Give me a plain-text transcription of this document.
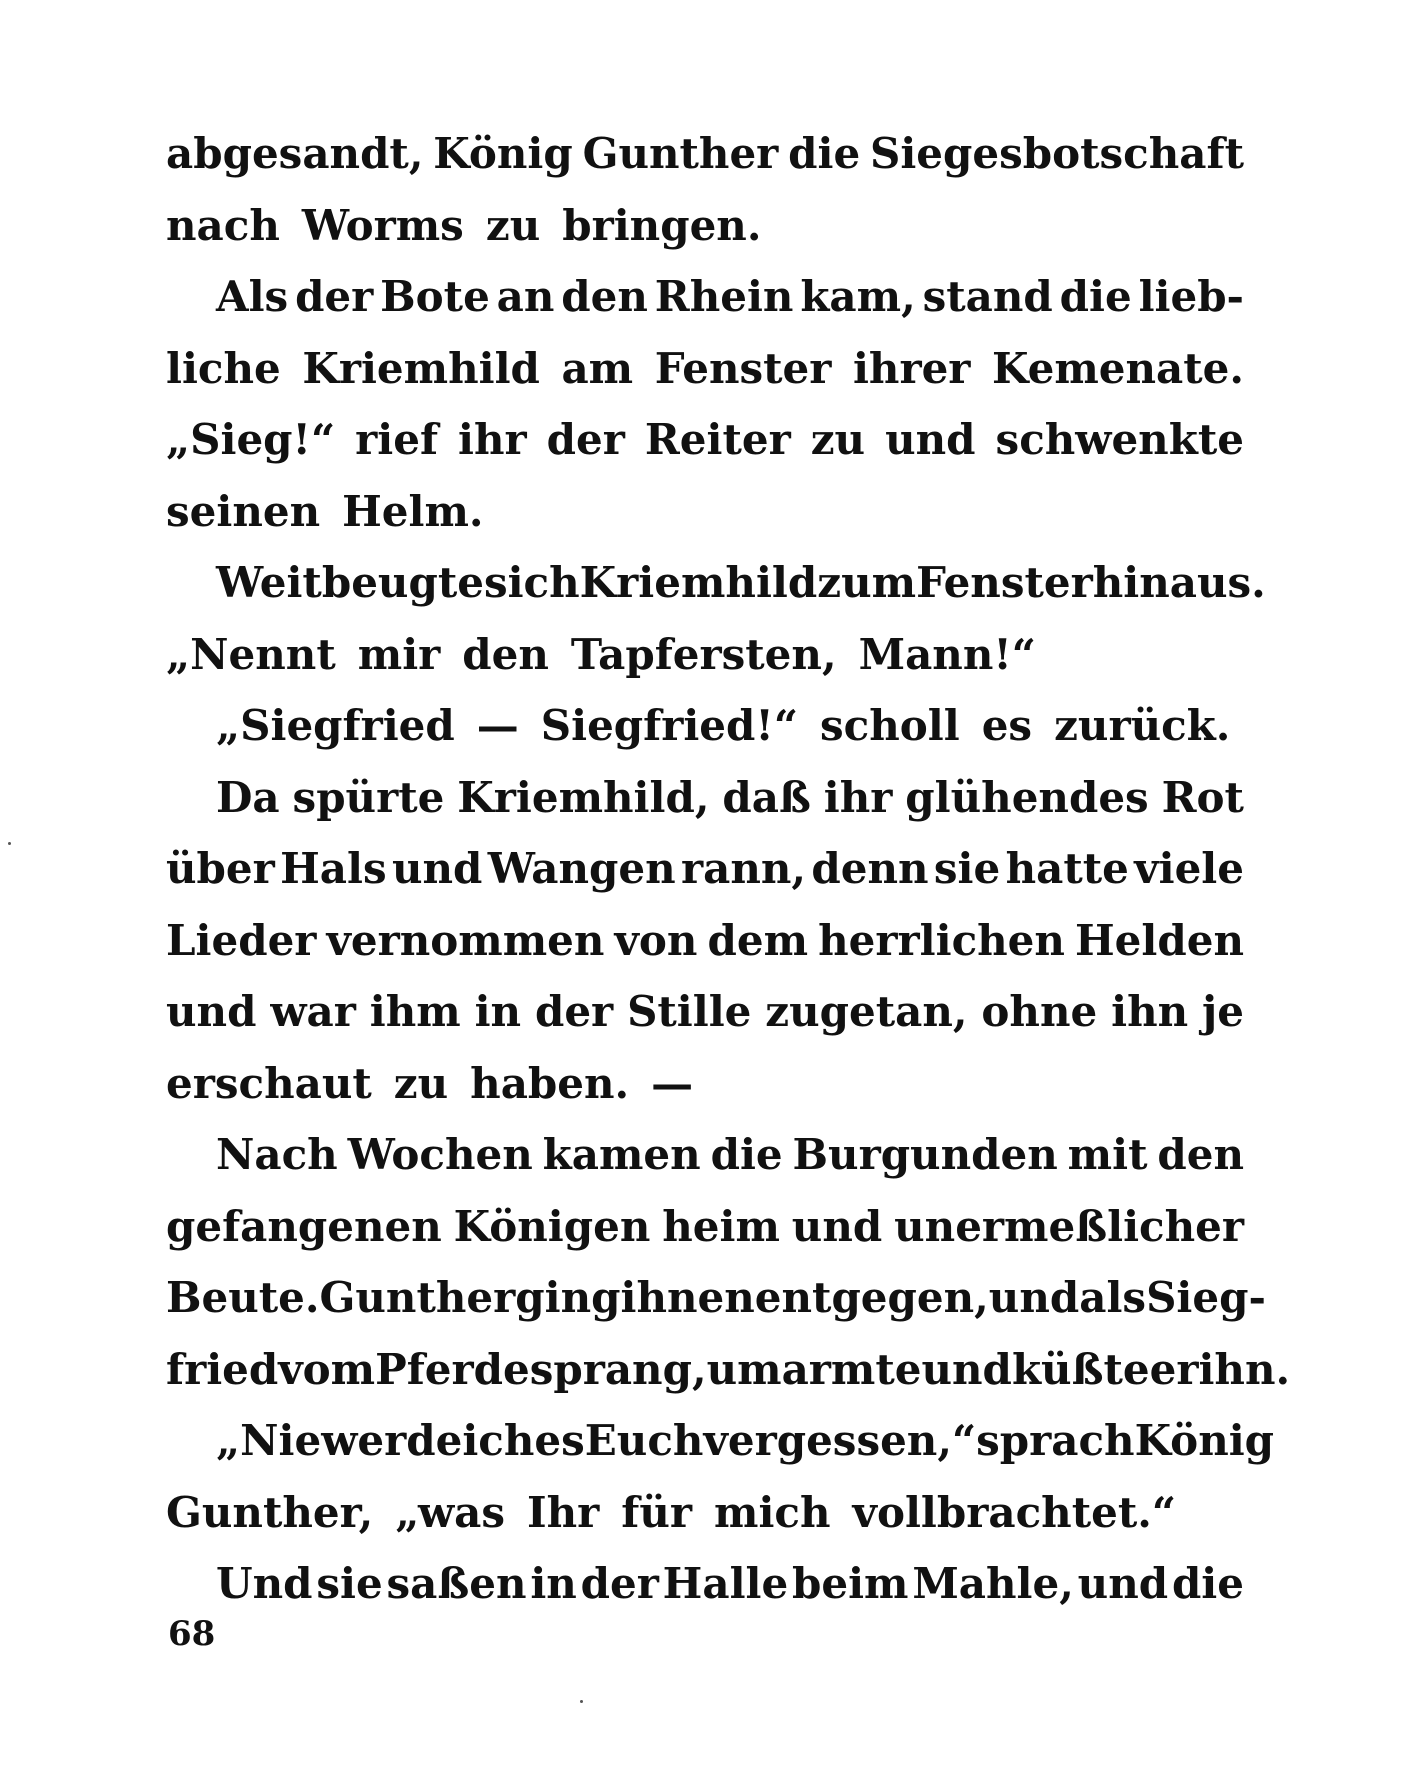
abgesandt, König Gunther die Siegesbotschaft
nach Worms zu bringen.
Als der Bote an den Rhein kam, stand die lieb-
liche Kriemhild am Fenster ihrer Kemenate.
„Sieg!“ rief ihr der Reiter zu und schwenkte
seinen Helm.
Weit beugte sich Kriemhild zum Fenster hinaus.
„Nennt mir den Tapfersten, Mann!“
„Siegfried — Siegfried!“ scholl es zurück.
Da spürte Kriemhild, daß ihr glühendes Rot
über Hals und Wangen rann, denn sie hatte viele
Lieder vernommen von dem herrlichen Helden
und war ihm in der Stille zugetan, ohne ihn je
erschaut zu haben. —
Nach Wochen kamen die Burgunden mit den
gefangenen Königen heim und unermeßlicher
Beute. Gunther ging ihnen entgegen, und als Sieg-
fried vom Pferde sprang, umarmte und küßte er ihn.
„Nie werde ich es Euch vergessen,“ sprach König
Gunther, „was Ihr für mich vollbrachtet.“
Und sie saßen in der Halle beim Mahle, und die
68
